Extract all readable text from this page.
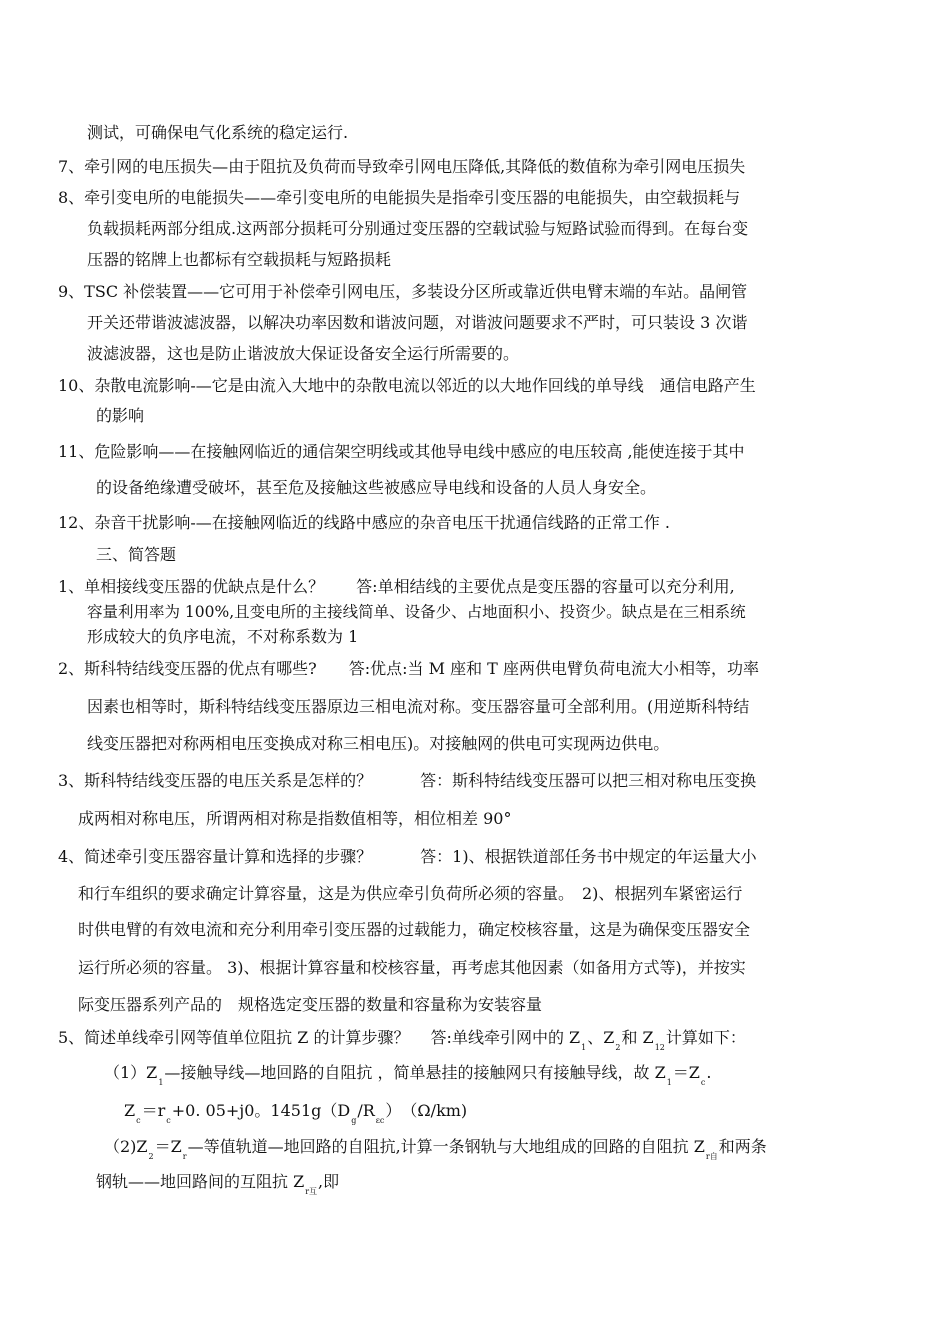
测试，可确保电气化系统的稳定运行.
7、牵引网的电压损失—由于阻抗及负荷而导致牵引网电压降低,其降低的数值称为牵引网电压损失
8、牵引变电所的电能损失——牵引变电所的电能损失是指牵引变压器的电能损失，由空载损耗与
负载损耗两部分组成.这两部分损耗可分别通过变压器的空载试验与短路试验而得到。在每台变
压器的铭牌上也都标有空载损耗与短路损耗
9、TSC 补偿装置——它可用于补偿牵引网电压，多装设分区所或靠近供电臂末端的车站。晶闸管
开关还带谐波滤波器，以解决功率因数和谐波问题，对谐波问题要求不严时，可只装设 3 次谐
波滤波器，这也是防止谐波放大保证设备安全运行所需要的。
10、杂散电流影响-—它是由流入大地中的杂散电流以邻近的以大地作回线的单导线　通信电路产生
的影响
11、危险影响——在接触网临近的通信架空明线或其他导电线中感应的电压较高 ,能使连接于其中
的设备绝缘遭受破坏，甚至危及接触这些被感应导电线和设备的人员人身安全。
12、杂音干扰影响-—在接触网临近的线路中感应的杂音电压干扰通信线路的正常工作 .
三、简答题
1、单相接线变压器的优缺点是什么？　　答:单相结线的主要优点是变压器的容量可以充分利用,
容量利用率为 100%,且变电所的主接线简单、设备少、占地面积小、投资少。缺点是在三相系统
形成较大的负序电流，不对称系数为 1
2、斯科特结线变压器的优点有哪些?　　答:优点:当 M 座和 T 座两供电臂负荷电流大小相等，功率
因素也相等时，斯科特结线变压器原边三相电流对称。变压器容量可全部利用。(用逆斯科特结
线变压器把对称两相电压变换成对称三相电压)。对接触网的供电可实现两边供电。
3、斯科特结线变压器的电压关系是怎样的？　　　答：斯科特结线变压器可以把三相对称电压变换
成两相对称电压，所谓两相对称是指数值相等，相位相差 90°
4、简述牵引变压器容量计算和选择的步骤？　　　答：1)、根据铁道部任务书中规定的年运量大小
和行车组织的要求确定计算容量，这是为供应牵引负荷所必须的容量。　2)、根据列车紧密运行
时供电臂的有效电流和充分利用牵引变压器的过载能力，确定校核容量，这是为确保变压器安全
运行所必须的容量。 3)、根据计算容量和校核容量，再考虑其他因素（如备用方式等)，并按实
际变压器系列产品的　规格选定变压器的数量和容量称为安装容量
5、简述单线牵引网等值单位阻抗 Z 的计算步骤？　 答:单线牵引网中的 $Z_1$、$Z_2$和 $Z_{12}$计算如下：
$(1)Z_1—$接触导线—地回路的自阻抗 ，简单悬挂的接触网只有接触导线，故 $Z_1=Z_c$.
$Z_c=r_c+0$. 05+j0。$1451g(D_g/R_{\varepsilon c})$　（Ω/km)
$(2)Z_2=Z_r—$等值轨道—地回路的自阻抗,计算一条钢轨与大地组成的回路的自阻抗 $Z_{r自}$和两条
钢轨——地回路间的互阻抗 $Z_{r互}$,即
